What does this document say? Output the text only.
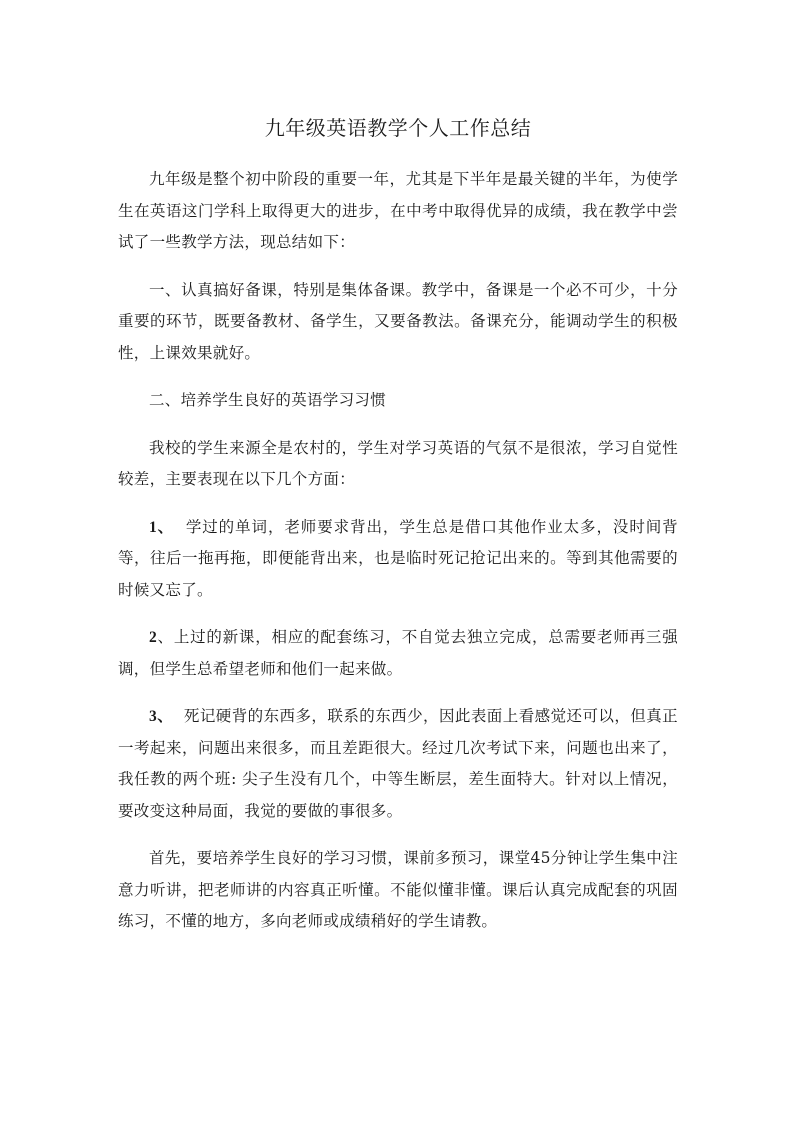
九年级英语教学个人工作总结

九年级是整个初中阶段的重要一年，尤其是下半年是最关键的半年，为使学生在英语这门学科上取得更大的进步，在中考中取得优异的成绩，我在教学中尝试了一些教学方法，现总结如下：

一、认真搞好备课，特别是集体备课。教学中，备课是一个必不可少，十分重要的环节，既要备教材、备学生，又要备教法。备课充分，能调动学生的积极性，上课效果就好。

二、培养学生良好的英语学习习惯

我校的学生来源全是农村的，学生对学习英语的气氛不是很浓，学习自觉性较差，主要表现在以下几个方面：

1、  学过的单词，老师要求背出，学生总是借口其他作业太多，没时间背等，往后一拖再拖，即便能背出来，也是临时死记抢记出来的。等到其他需要的时候又忘了。

2、上过的新课，相应的配套练习，不自觉去独立完成，总需要老师再三强调，但学生总希望老师和他们一起来做。

3、  死记硬背的东西多，联系的东西少，因此表面上看感觉还可以，但真正一考起来，问题出来很多，而且差距很大。经过几次考试下来，问题也出来了，我任教的两个班: 尖子生没有几个，中等生断层，差生面特大。针对以上情况，要改变这种局面，我觉的要做的事很多。

首先，要培养学生良好的学习习惯，课前多预习，课堂45分钟让学生集中注意力听讲，把老师讲的内容真正听懂。不能似懂非懂。课后认真完成配套的巩固练习，不懂的地方，多向老师或成绩稍好的学生请教。
